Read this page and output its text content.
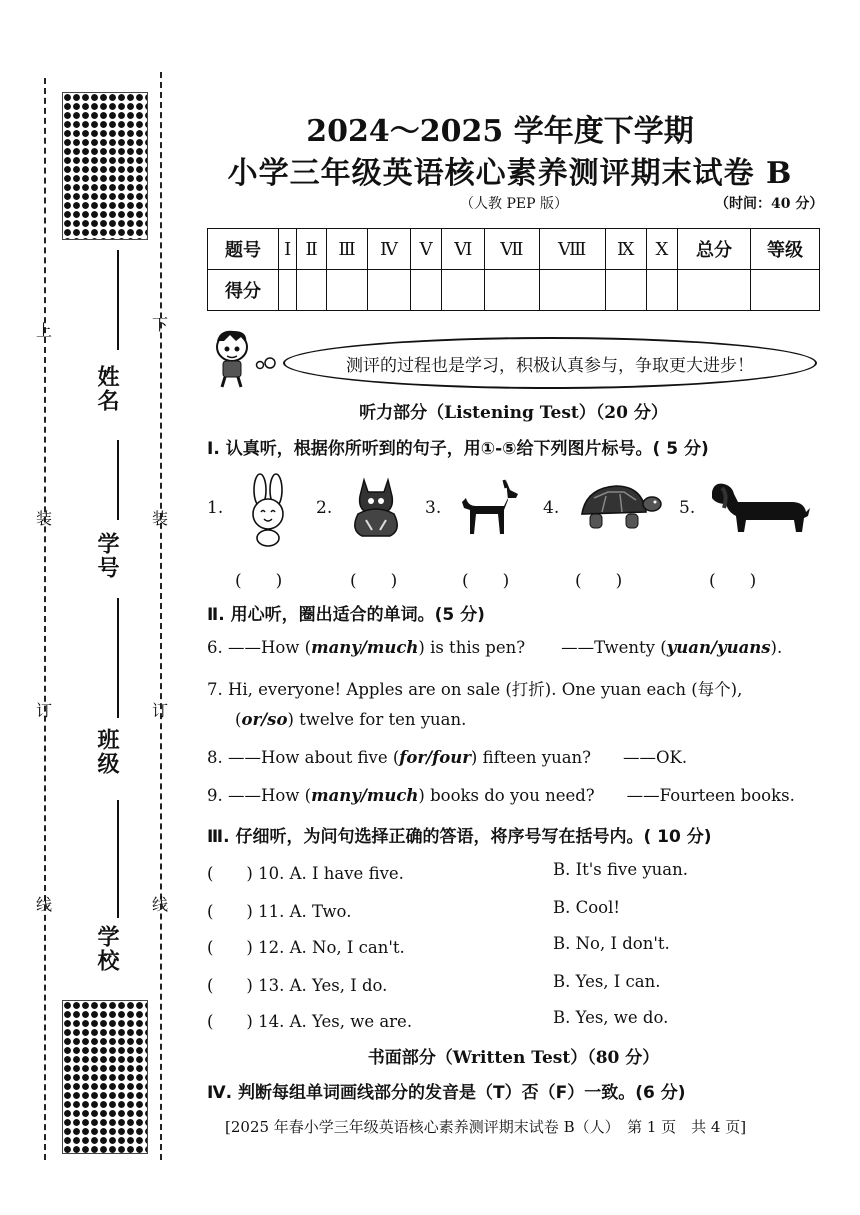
上	下
装	装
订	订
线	线
姓名
学号
班级
学校
2024～2025 学年度下学期
小学三年级英语核心素养测评期末试卷 B
（人教 PEP 版）	（时间：40 分）
题号	Ⅰ	Ⅱ	Ⅲ	Ⅳ	Ⅴ	Ⅵ	Ⅶ	Ⅷ	Ⅸ	Ⅹ	总分	等级
得分												
测评的过程也是学习，积极认真参与，争取更大进步！
听力部分（Listening Test）（20 分）
Ⅰ. 认真听，根据你所听到的句子，用①-⑤给下列图片标号。( 5 分)
1.	2.	3.	4.	5.
(　　)	(　　)	(　　)	(　　)	(　　)
Ⅱ. 用心听，圈出适合的单词。(5 分)
6. ——How (many/much) is this pen? ——Twenty (yuan/yuans).
7. Hi, everyone! Apples are on sale (打折). One yuan each (每个),
(or/so) twelve for ten yuan.
8. ——How about five (for/four) fifteen yuan? ——OK.
9. ——How (many/much) books do you need? ——Fourteen books.
Ⅲ. 仔细听，为问句选择正确的答语，将序号写在括号内。( 10 分)
(　　) 10. A. I have five.	B. It's five yuan.
(　　) 11. A. Two.	B. Cool!
(　　) 12. A. No, I can't.	B. No, I don't.
(　　) 13. A. Yes, I do.	B. Yes, I can.
(　　) 14. A. Yes, we are.	B. Yes, we do.
书面部分（Written Test）（80 分）
Ⅳ. 判断每组单词画线部分的发音是（T）否（F）一致。(6 分)
[2025 年春小学三年级英语核心素养测评期末试卷 B（人）　第 1 页　共 4 页]
